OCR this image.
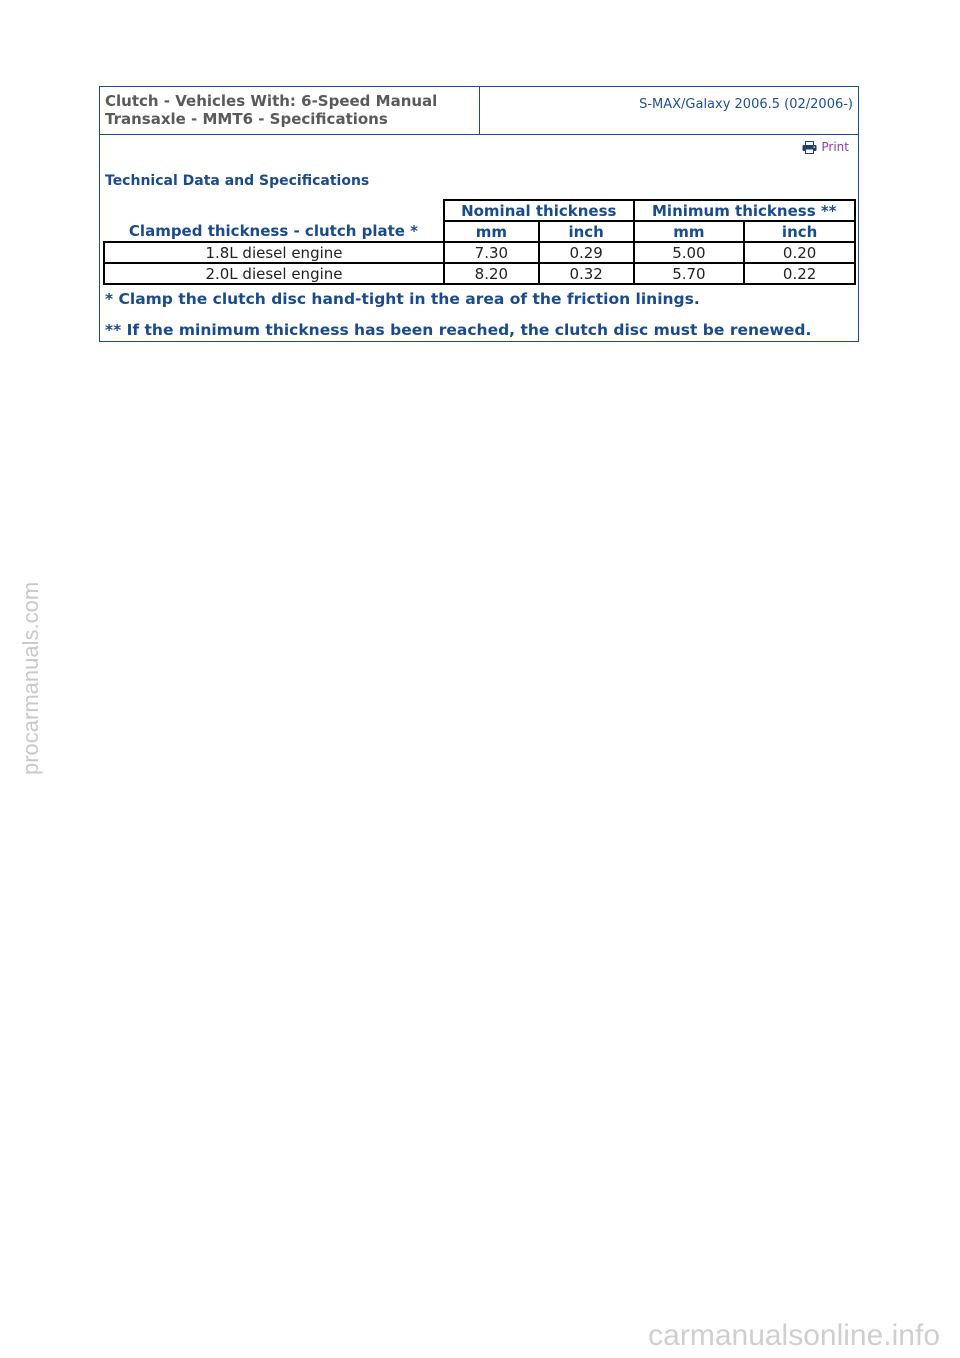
Clutch - Vehicles With: 6-Speed Manual
Transaxle - MMT6 - Specifications
S-MAX/Galaxy 2006.5 (02/2006-)
Print
Technical Data and Specifications
Clamped thickness - clutch plate *	Nominal thickness		Minimum thickness **	
	mm	inch	mm	inch
1.8L diesel engine	7.30	0.29	5.00	0.20
2.0L diesel engine	8.20	0.32	5.70	0.22
* Clamp the clutch disc hand-tight in the area of the friction linings.
** If the minimum thickness has been reached, the clutch disc must be renewed.
procarmanuals.com
carmanualsonline.info
